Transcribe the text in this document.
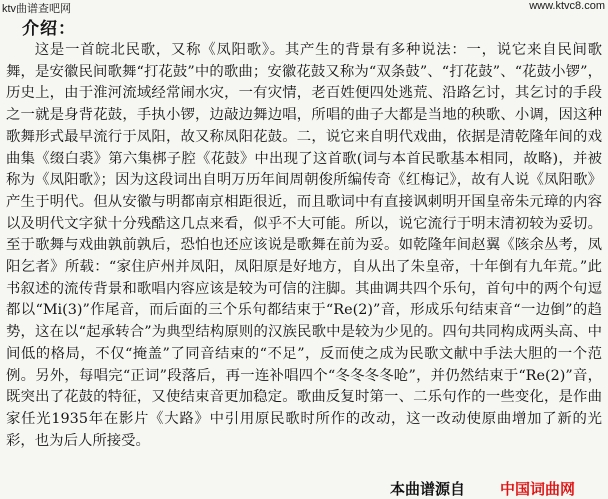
ktv曲谱查吧网	www.ktvc8.com
介绍：

这是一首皖北民歌，又称《凤阳歌》。其产生的背景有多种说法：一，说它来自民间歌舞，是安徽民间歌舞“打花鼓”中的歌曲；安徽花鼓又称为“双条鼓”、“打花鼓”、“花鼓小锣”，历史上，由于淮河流域经常闹水灾，一有灾情，老百姓便四处逃荒、沿路乞讨，其乞讨的手段之一就是身背花鼓，手执小锣，边敲边舞边唱，所唱的曲子大都是当地的秧歌、小调，因这种歌舞形式最早流行于凤阳，故又称凤阳花鼓。二，说它来自明代戏曲，依据是清乾隆年间的戏曲集《缀白裘》第六集梆子腔《花鼓》中出现了这首歌(词与本首民歌基本相同，故略)，并被称为《凤阳歌》；因为这段词出自明万历年间周朝俊所编传奇《红梅记》，故有人说《凤阳歌》产生于明代。但从安徽与明都南京相距很近，而且歌词中有直接讽刺明开国皇帝朱元璋的内容以及明代文字狱十分残酷这几点来看，似乎不大可能。所以，说它流行于明末清初较为妥切。至于歌舞与戏曲孰前孰后，恐怕也还应该说是歌舞在前为妥。如乾隆年间赵翼《陔余丛考，凤阳乞者》所载：“家住庐州并凤阳，凤阳原是好地方，自从出了朱皇帝，十年倒有九年荒。”此书叙述的流传背景和歌唱内容应该是较为可信的注脚。其曲调共四个乐句，首句中的两个句逗都以“Mi(3)”作尾音，而后面的三个乐句都结束于“Re(2)”音，形成乐句结束音“一边倒”的趋势，这在以“起承转合”为典型结构原则的汉族民歌中是较为少见的。四句共同构成两头高、中间低的格局，不仅“掩盖”了同音结束的“不足”，反而使之成为民歌文献中手法大胆的一个范例。另外，每唱完“正词”段落后，再一连补唱四个“冬冬冬冬呛”，并仍然结束于“Re(2)”音，既突出了花鼓的特征，又使结束音更加稳定。歌曲反复时第一、二乐句作的一些变化，是作曲家任光1935年在影片《大路》中引用原民歌时所作的改动，这一改动使原曲增加了新的光彩，也为后人所接受。

本曲谱源自 中国词曲网
